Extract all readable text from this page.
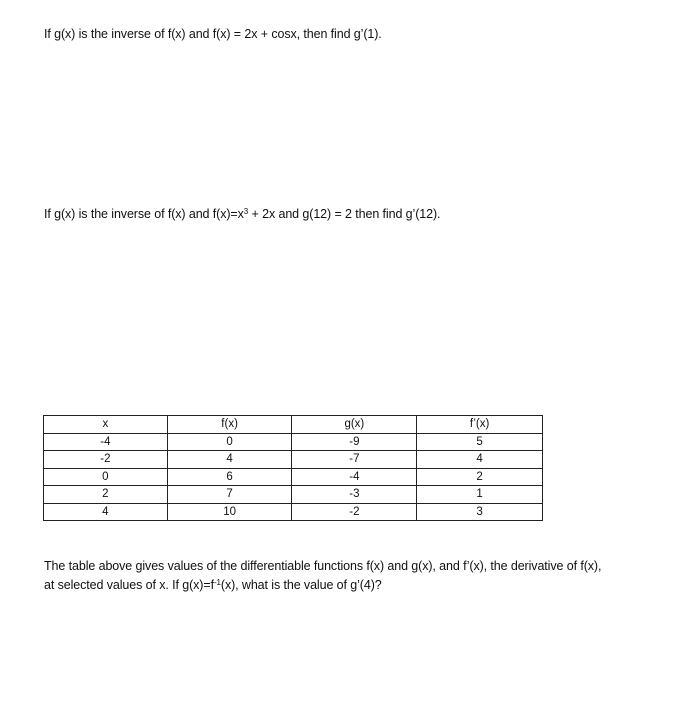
If g(x) is the inverse of f(x) and f(x) = 2x + cosx, then find g’(1).
If g(x) is the inverse of f(x) and $f(x)=x^3 + 2x$ and g(12) = 2 then find g’(12).
x	f(x)	g(x)	f’(x)
-4	0	-9	5
-2	4	-7	4
0	6	-4	2
2	7	-3	1
4	10	-2	3
The table above gives values of the differentiable functions f(x) and g(x), and f’(x), the derivative of f(x),
at selected values of x. If $g(x)=f^{-1}(x)$, what is the value of g’(4)?
